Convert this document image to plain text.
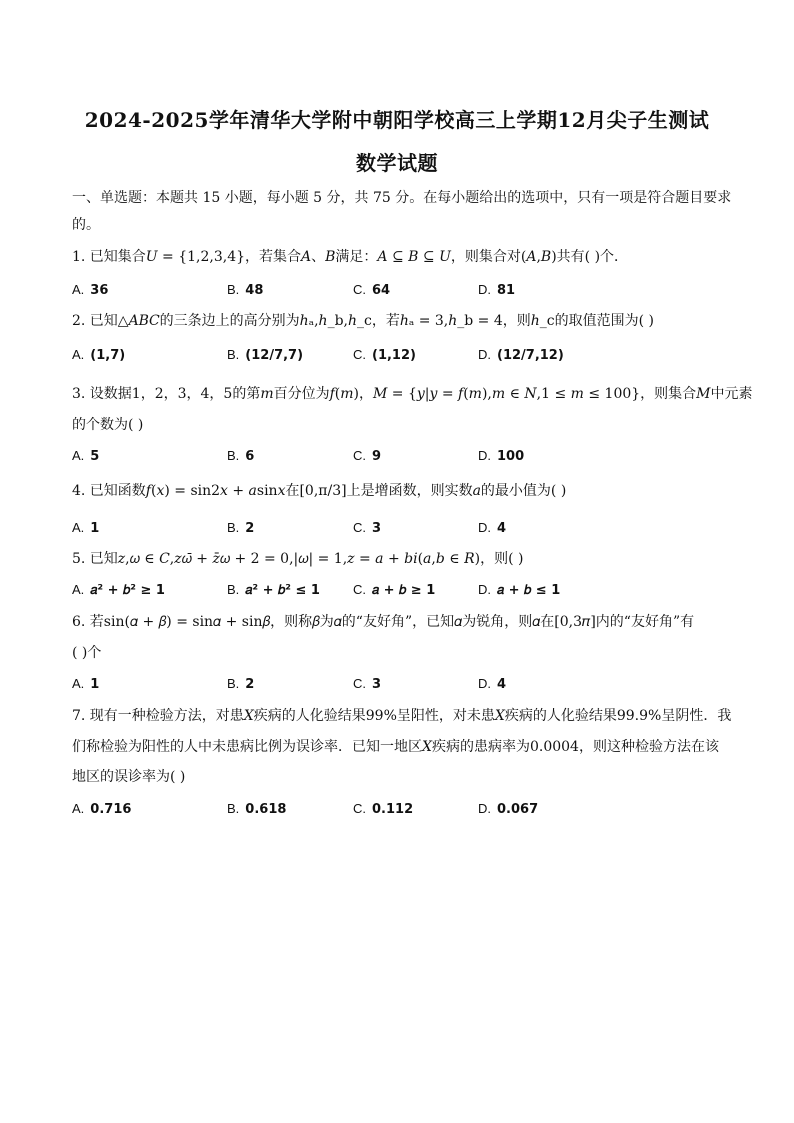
2024-2025学年清华大学附中朝阳学校高三上学期12月尖子生测试
数学试题
一、单选题：本题共 15 小题，每小题 5 分，共 75 分。在每小题给出的选项中，只有一项是符合题目要求
的。
1. 已知集合𝑈 = {1,2,3,4}，若集合𝐴、𝐵满足：𝐴 ⊆ 𝐵 ⊆ 𝑈，则集合对(𝐴,𝐵)共有( )个．
A. 36	B. 48	C. 64	D. 81
2. 已知△𝐴𝐵𝐶的三条边上的高分别为ℎₐ,ℎ_b,ℎ_c，若ℎₐ = 3,ℎ_b = 4，则ℎ_c的取值范围为( )
A. (1,7)	B. (12/7,7)	C. (1,12)	D. (12/7,12)
3. 设数据1，2，3，4，5的第𝑚百分位为𝑓(𝑚)，𝑀 = {𝑦|𝑦 = 𝑓(𝑚),𝑚 ∈ 𝑁,1 ≤ 𝑚 ≤ 100}，则集合𝑀中元素
的个数为( )
A. 5	B. 6	C. 9	D. 100
4. 已知函数𝑓(𝑥) = sin2𝑥 + 𝑎sin𝑥在[0,π/3]上是增函数，则实数𝑎的最小值为( )
A. 1	B. 2	C. 3	D. 4
5. 已知𝑧,𝜔 ∈ 𝐶,𝑧𝜔̄ + 𝑧̄𝜔 + 2 = 0,|𝜔| = 1,𝑧 = 𝑎 + 𝑏𝑖(𝑎,𝑏 ∈ 𝑅)，则( )
A. 𝑎² + 𝑏² ≥ 1	B. 𝑎² + 𝑏² ≤ 1	C. 𝑎 + 𝑏 ≥ 1	D. 𝑎 + 𝑏 ≤ 1
6. 若sin(𝛼 + 𝛽) = sin𝛼 + sin𝛽，则称𝛽为𝛼的“友好角”，已知𝛼为锐角，则𝛼在[0,3𝜋]内的“友好角”有
( )个
A. 1	B. 2	C. 3	D. 4
7. 现有一种检验方法，对患𝑋疾病的人化验结果99%呈阳性，对未患𝑋疾病的人化验结果99.9%呈阴性．我
们称检验为阳性的人中未患病比例为误诊率．已知一地区𝑋疾病的患病率为0.0004，则这种检验方法在该
地区的误诊率为( )
A. 0.716	B. 0.618	C. 0.112	D. 0.067
